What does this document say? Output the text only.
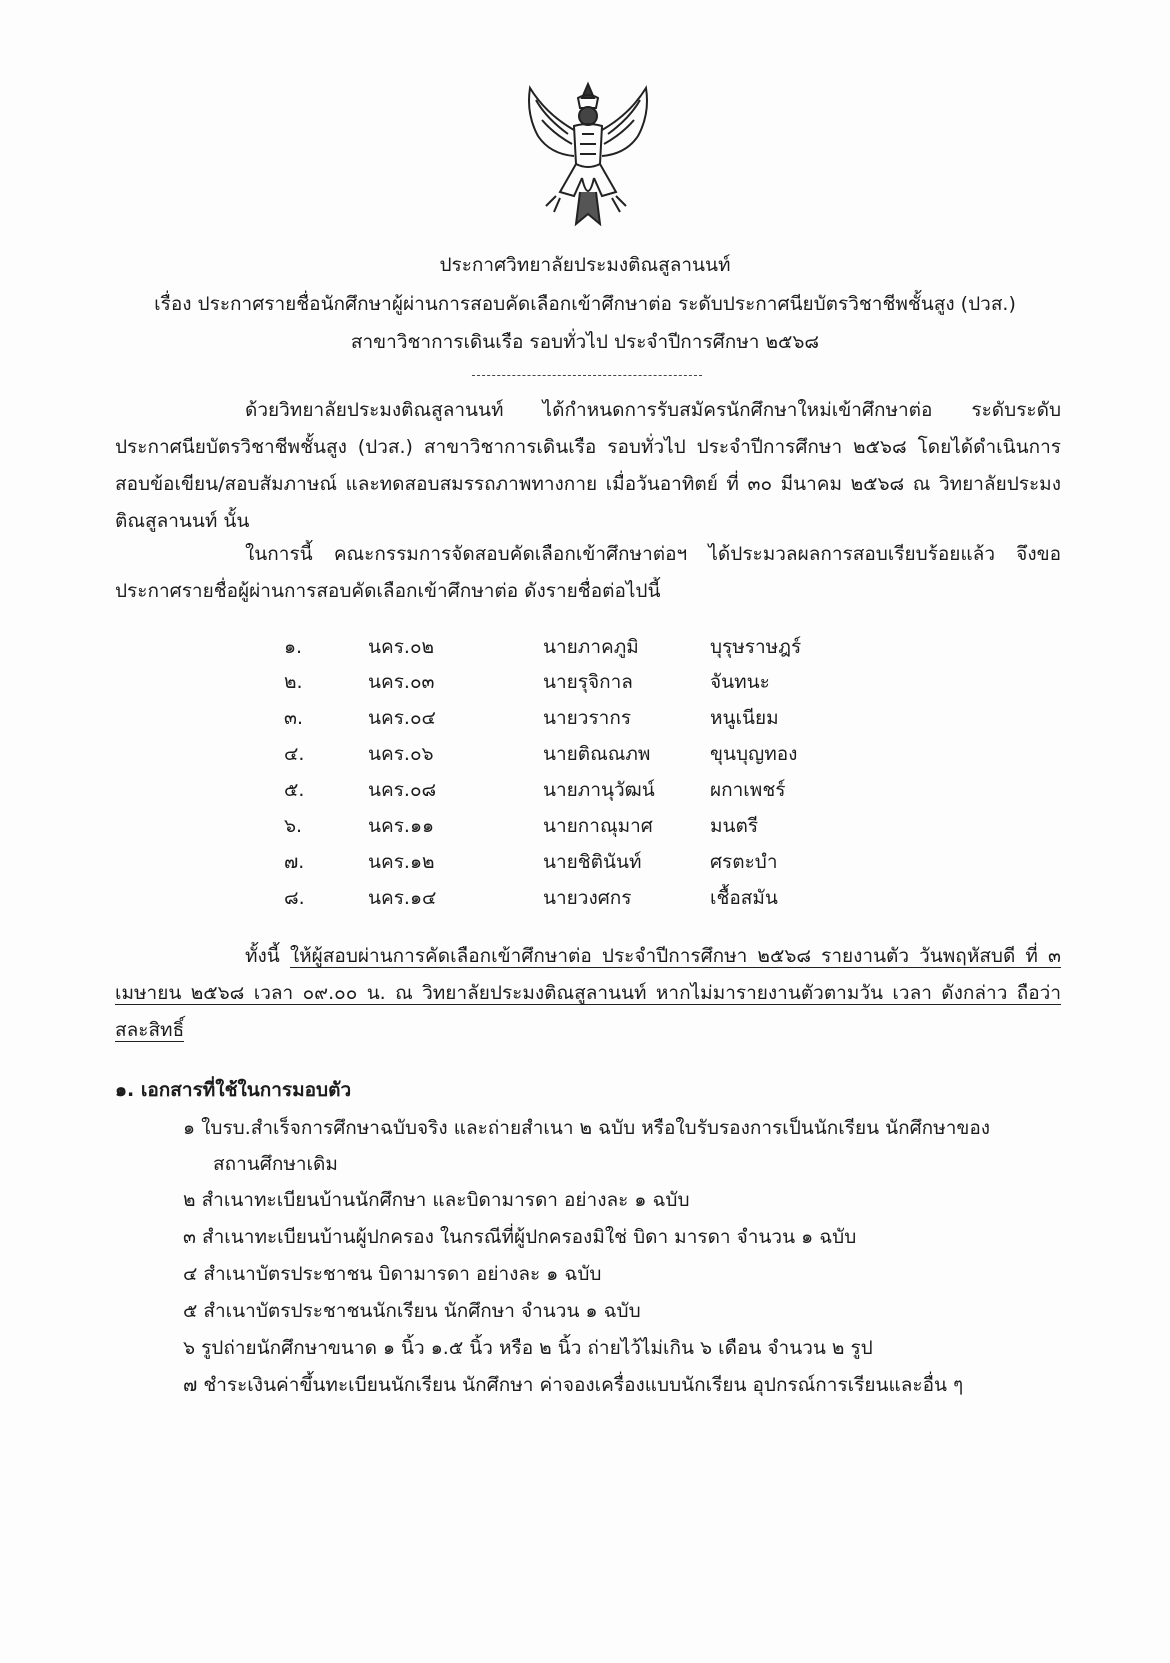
ประกาศวิทยาลัยประมงติณสูลานนท์
เรื่อง ประกาศรายชื่อนักศึกษาผู้ผ่านการสอบคัดเลือกเข้าศึกษาต่อ ระดับประกาศนียบัตรวิชาชีพชั้นสูง (ปวส.)
สาขาวิชาการเดินเรือ รอบทั่วไป ประจำปีการศึกษา ๒๕๖๘
ด้วยวิทยาลัยประมงติณสูลานนท์ ได้กำหนดการรับสมัครนักศึกษาใหม่เข้าศึกษาต่อ ระดับระดับ ประกาศนียบัตรวิชาชีพชั้นสูง (ปวส.) สาขาวิชาการเดินเรือ รอบทั่วไป ประจำปีการศึกษา ๒๕๖๘ โดยได้ดำเนินการสอบข้อเขียน/สอบสัมภาษณ์ และทดสอบสมรรถภาพทางกาย เมื่อวันอาทิตย์ ที่ ๓๐ มีนาคม ๒๕๖๘ ณ วิทยาลัยประมงติณสูลานนท์ นั้น
ในการนี้ คณะกรรมการจัดสอบคัดเลือกเข้าศึกษาต่อฯ ได้ประมวลผลการสอบเรียบร้อยแล้ว จึงขอ ประกาศรายชื่อผู้ผ่านการสอบคัดเลือกเข้าศึกษาต่อ ดังรายชื่อต่อไปนี้
๑.	นคร.๐๒	นายภาคภูมิ	บุรุษราษฎร์
๒.	นคร.๐๓	นายรุจิกาล	จันทนะ
๓.	นคร.๐๔	นายวรากร	หนูเนียม
๔.	นคร.๐๖	นายติณณภพ	ขุนบุญทอง
๕.	นคร.๐๘	นายภานุวัฒน์	ผกาเพชร์
๖.	นคร.๑๑	นายกาณุมาศ	มนตรี
๗.	นคร.๑๒	นายชิตินันท์	ศรตะบำ
๘.	นคร.๑๔	นายวงศกร	เชื้อสมัน
ทั้งนี้ ให้ผู้สอบผ่านการคัดเลือกเข้าศึกษาต่อ ประจำปีการศึกษา ๒๕๖๘ รายงานตัว วันพฤหัสบดี ที่ ๓ เมษายน ๒๕๖๘ เวลา ๐๙.๐๐ น. ณ วิทยาลัยประมงติณสูลานนท์ หากไม่มารายงานตัวตามวัน เวลา ดังกล่าว ถือว่าสละสิทธิ์
๑. เอกสารที่ใช้ในการมอบตัว
๑ ใบรบ.สำเร็จการศึกษาฉบับจริง และถ่ายสำเนา ๒ ฉบับ หรือใบรับรองการเป็นนักเรียน นักศึกษาของ
สถานศึกษาเดิม
๒ สำเนาทะเบียนบ้านนักศึกษา และบิดามารดา อย่างละ ๑ ฉบับ
๓ สำเนาทะเบียนบ้านผู้ปกครอง ในกรณีที่ผู้ปกครองมิใช่ บิดา มารดา จำนวน ๑ ฉบับ
๔ สำเนาบัตรประชาชน บิดามารดา อย่างละ ๑ ฉบับ
๕ สำเนาบัตรประชาชนนักเรียน นักศึกษา จำนวน ๑ ฉบับ
๖ รูปถ่ายนักศึกษาขนาด ๑ นิ้ว ๑.๕ นิ้ว หรือ ๒ นิ้ว ถ่ายไว้ไม่เกิน ๖ เดือน จำนวน ๒ รูป
๗ ชำระเงินค่าขึ้นทะเบียนนักเรียน นักศึกษา ค่าจองเครื่องแบบนักเรียน อุปกรณ์การเรียนและอื่น ๆ
